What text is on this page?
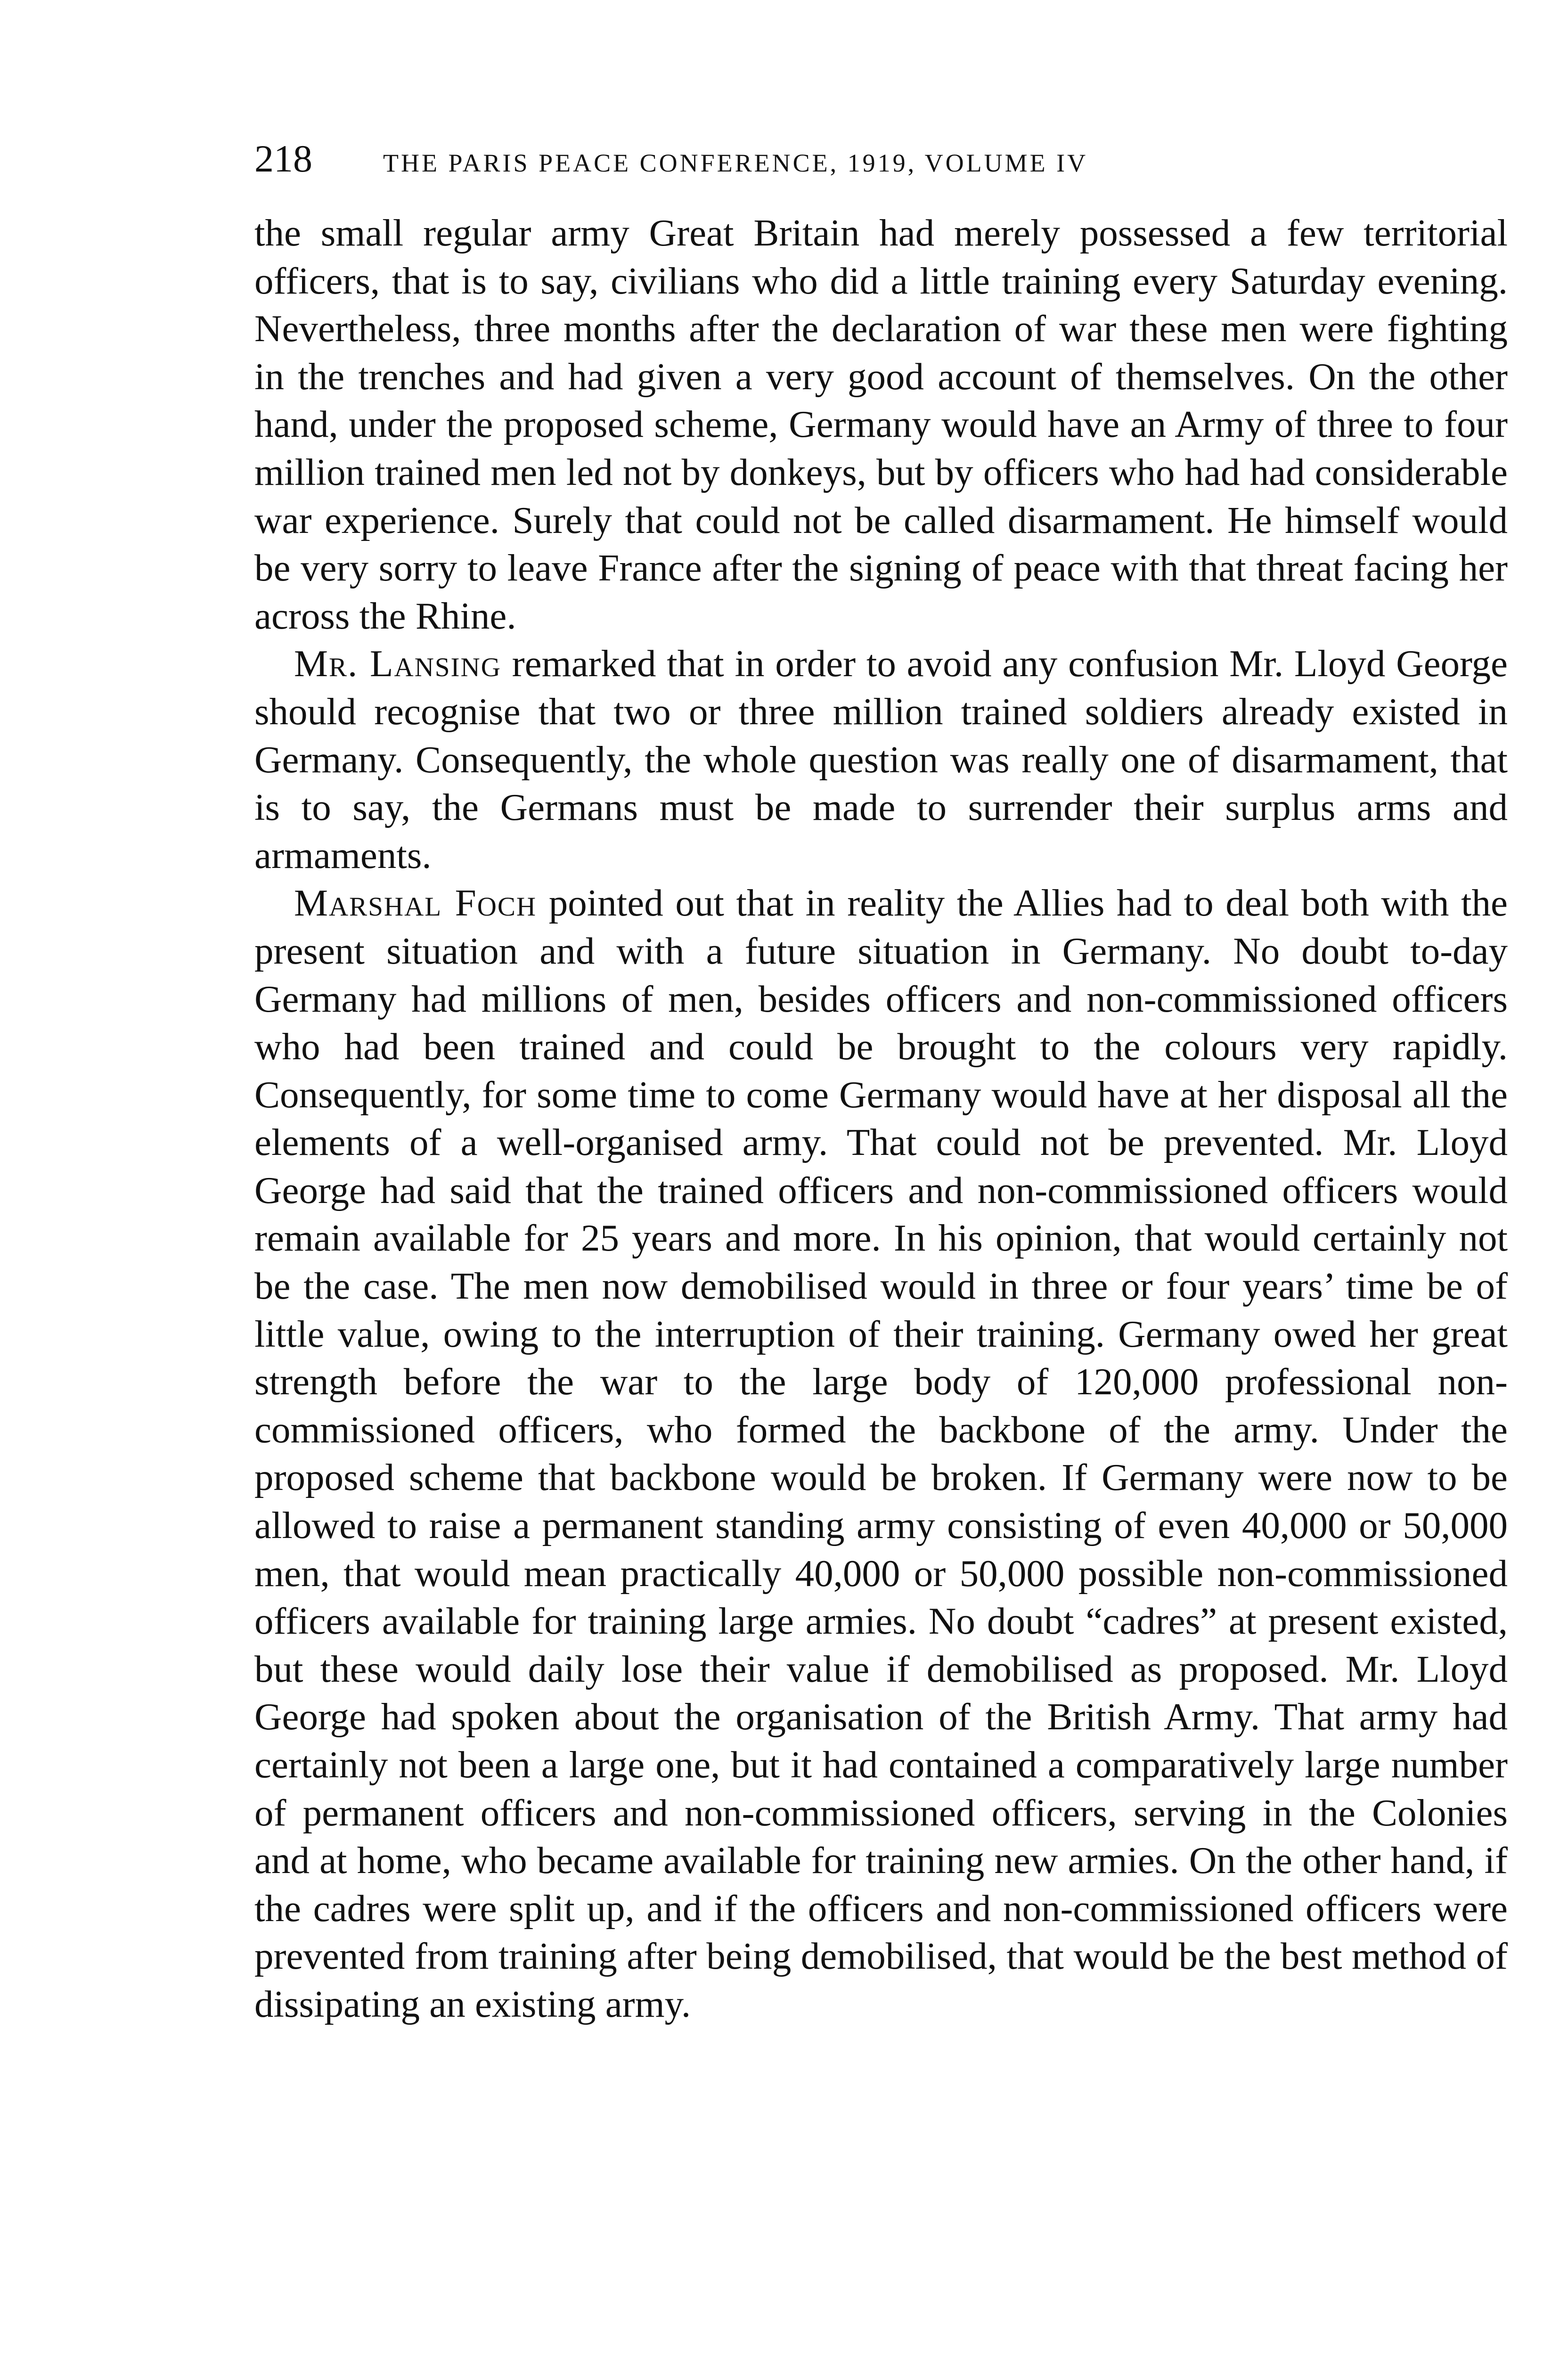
218	THE PARIS PEACE CONFERENCE, 1919, VOLUME IV

the small regular army Great Britain had merely possessed a few territorial officers, that is to say, civilians who did a little training every Saturday evening. Nevertheless, three months after the declaration of war these men were fighting in the trenches and had given a very good account of themselves. On the other hand, under the proposed scheme, Germany would have an Army of three to four million trained men led not by donkeys, but by officers who had had considerable war experience. Surely that could not be called disarmament. He himself would be very sorry to leave France after the signing of peace with that threat facing her across the Rhine.

Mr. Lansing remarked that in order to avoid any confusion Mr. Lloyd George should recognise that two or three million trained soldiers already existed in Germany. Consequently, the whole question was really one of disarmament, that is to say, the Germans must be made to surrender their surplus arms and armaments.

Marshal Foch pointed out that in reality the Allies had to deal both with the present situation and with a future situation in Germany. No doubt to-day Germany had millions of men, besides officers and non-commissioned officers who had been trained and could be brought to the colours very rapidly. Consequently, for some time to come Germany would have at her disposal all the elements of a well-organised army. That could not be prevented. Mr. Lloyd George had said that the trained officers and non-commissioned officers would remain available for 25 years and more. In his opinion, that would certainly not be the case. The men now demobilised would in three or four years’ time be of little value, owing to the interruption of their training. Germany owed her great strength before the war to the large body of 120,000 professional non-commissioned officers, who formed the backbone of the army. Under the proposed scheme that backbone would be broken. If Germany were now to be allowed to raise a permanent standing army consisting of even 40,000 or 50,000 men, that would mean practically 40,000 or 50,000 possible non-commissioned officers available for training large armies. No doubt “cadres” at present existed, but these would daily lose their value if demobilised as proposed. Mr. Lloyd George had spoken about the organisation of the British Army. That army had certainly not been a large one, but it had contained a comparatively large number of permanent officers and non-commissioned officers, serving in the Colonies and at home, who became available for training new armies. On the other hand, if the cadres were split up, and if the officers and non-commissioned officers were prevented from training after being demobilised, that would be the best method of dissipating an existing army.
